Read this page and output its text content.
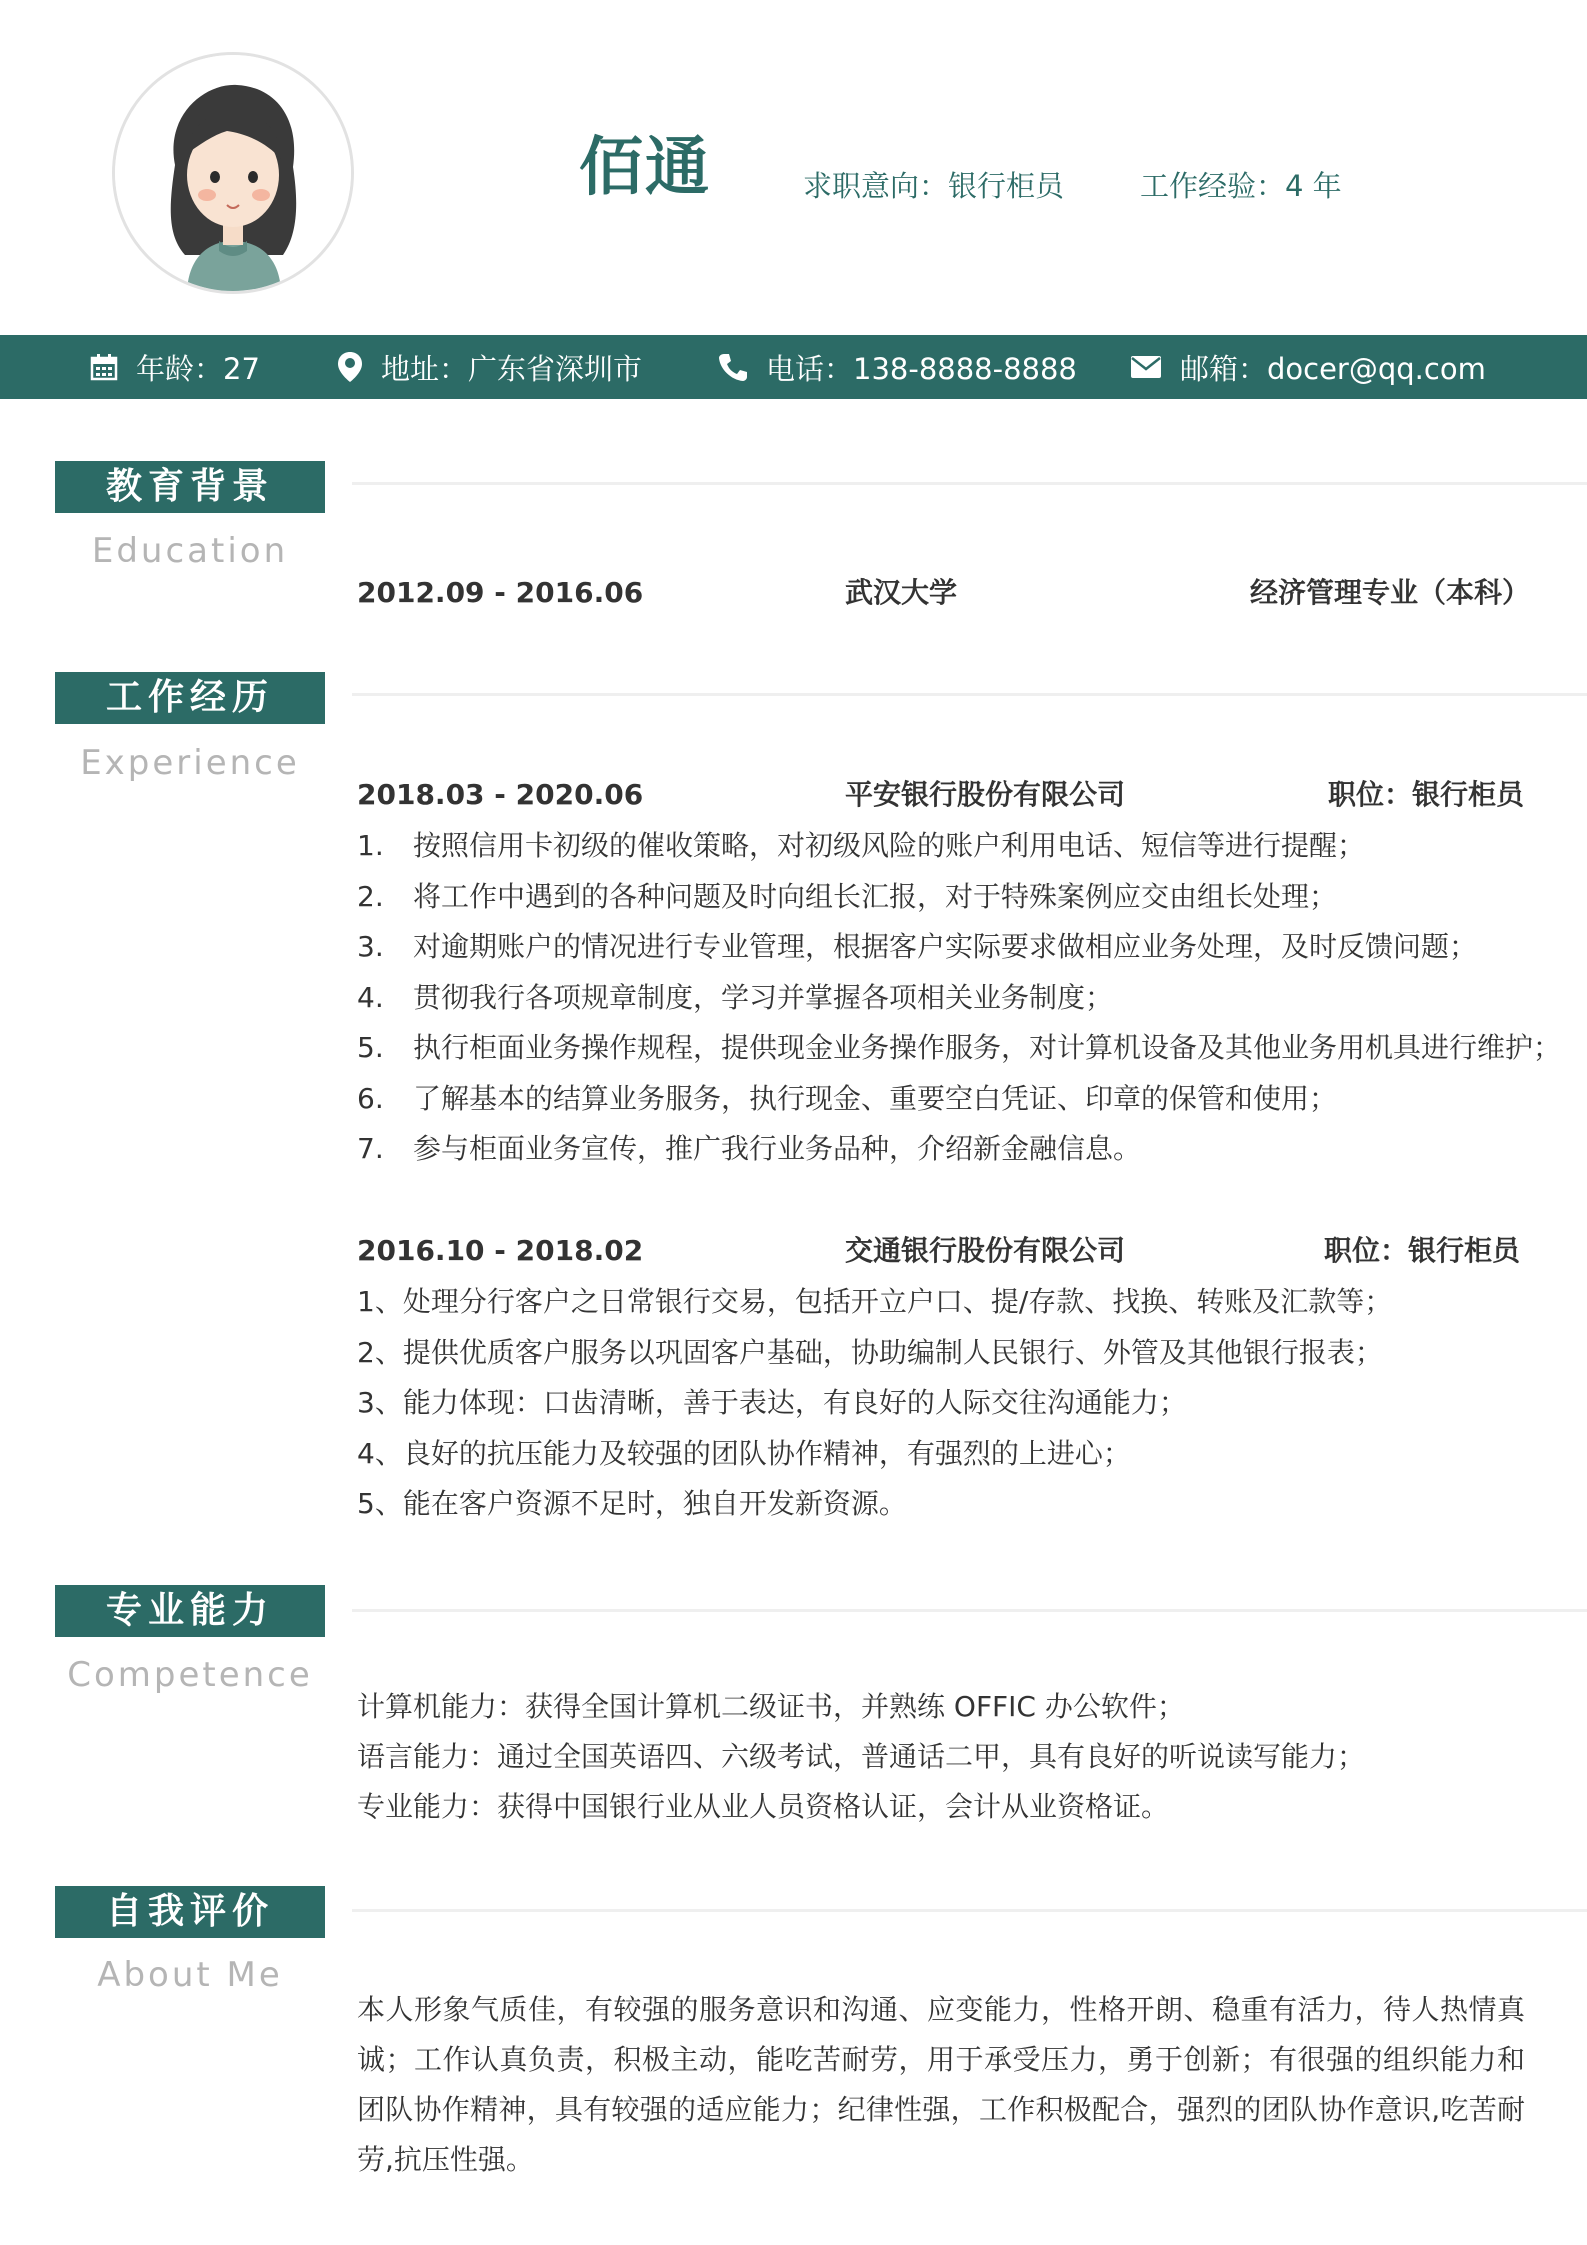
佰通	求职意向：银行柜员	工作经验：4 年
年龄：27	地址：广东省深圳市	电话：138-8888-8888	邮箱：docer@qq.com
教育背景
Education
2012.09 - 2016.06	武汉大学	经济管理专业（本科）
工作经历
Experience
2018.03 - 2020.06	平安银行股份有限公司	职位：银行柜员
1. 按照信用卡初级的催收策略，对初级风险的账户利用电话、短信等进行提醒；
2. 将工作中遇到的各种问题及时向组长汇报，对于特殊案例应交由组长处理；
3. 对逾期账户的情况进行专业管理，根据客户实际要求做相应业务处理，及时反馈问题；
4. 贯彻我行各项规章制度，学习并掌握各项相关业务制度；
5. 执行柜面业务操作规程，提供现金业务操作服务，对计算机设备及其他业务用机具进行维护；
6. 了解基本的结算业务服务，执行现金、重要空白凭证、印章的保管和使用；
7. 参与柜面业务宣传，推广我行业务品种，介绍新金融信息。
2016.10 - 2018.02	交通银行股份有限公司	职位：银行柜员
1、处理分行客户之日常银行交易，包括开立户口、提/存款、找换、转账及汇款等；
2、提供优质客户服务以巩固客户基础，协助编制人民银行、外管及其他银行报表；
3、能力体现：口齿清晰，善于表达，有良好的人际交往沟通能力；
4、良好的抗压能力及较强的团队协作精神，有强烈的上进心；
5、能在客户资源不足时，独自开发新资源。
专业能力
Competence
计算机能力：获得全国计算机二级证书，并熟练 OFFIC 办公软件；
语言能力：通过全国英语四、六级考试，普通话二甲，具有良好的听说读写能力；
专业能力：获得中国银行业从业人员资格认证，会计从业资格证。
自我评价
About Me
本人形象气质佳，有较强的服务意识和沟通、应变能力，性格开朗、稳重有活力，待人热情真诚；工作认真负责，积极主动，能吃苦耐劳，用于承受压力，勇于创新；有很强的组织能力和团队协作精神，具有较强的适应能力；纪律性强，工作积极配合，强烈的团队协作意识,吃苦耐劳,抗压性强。
